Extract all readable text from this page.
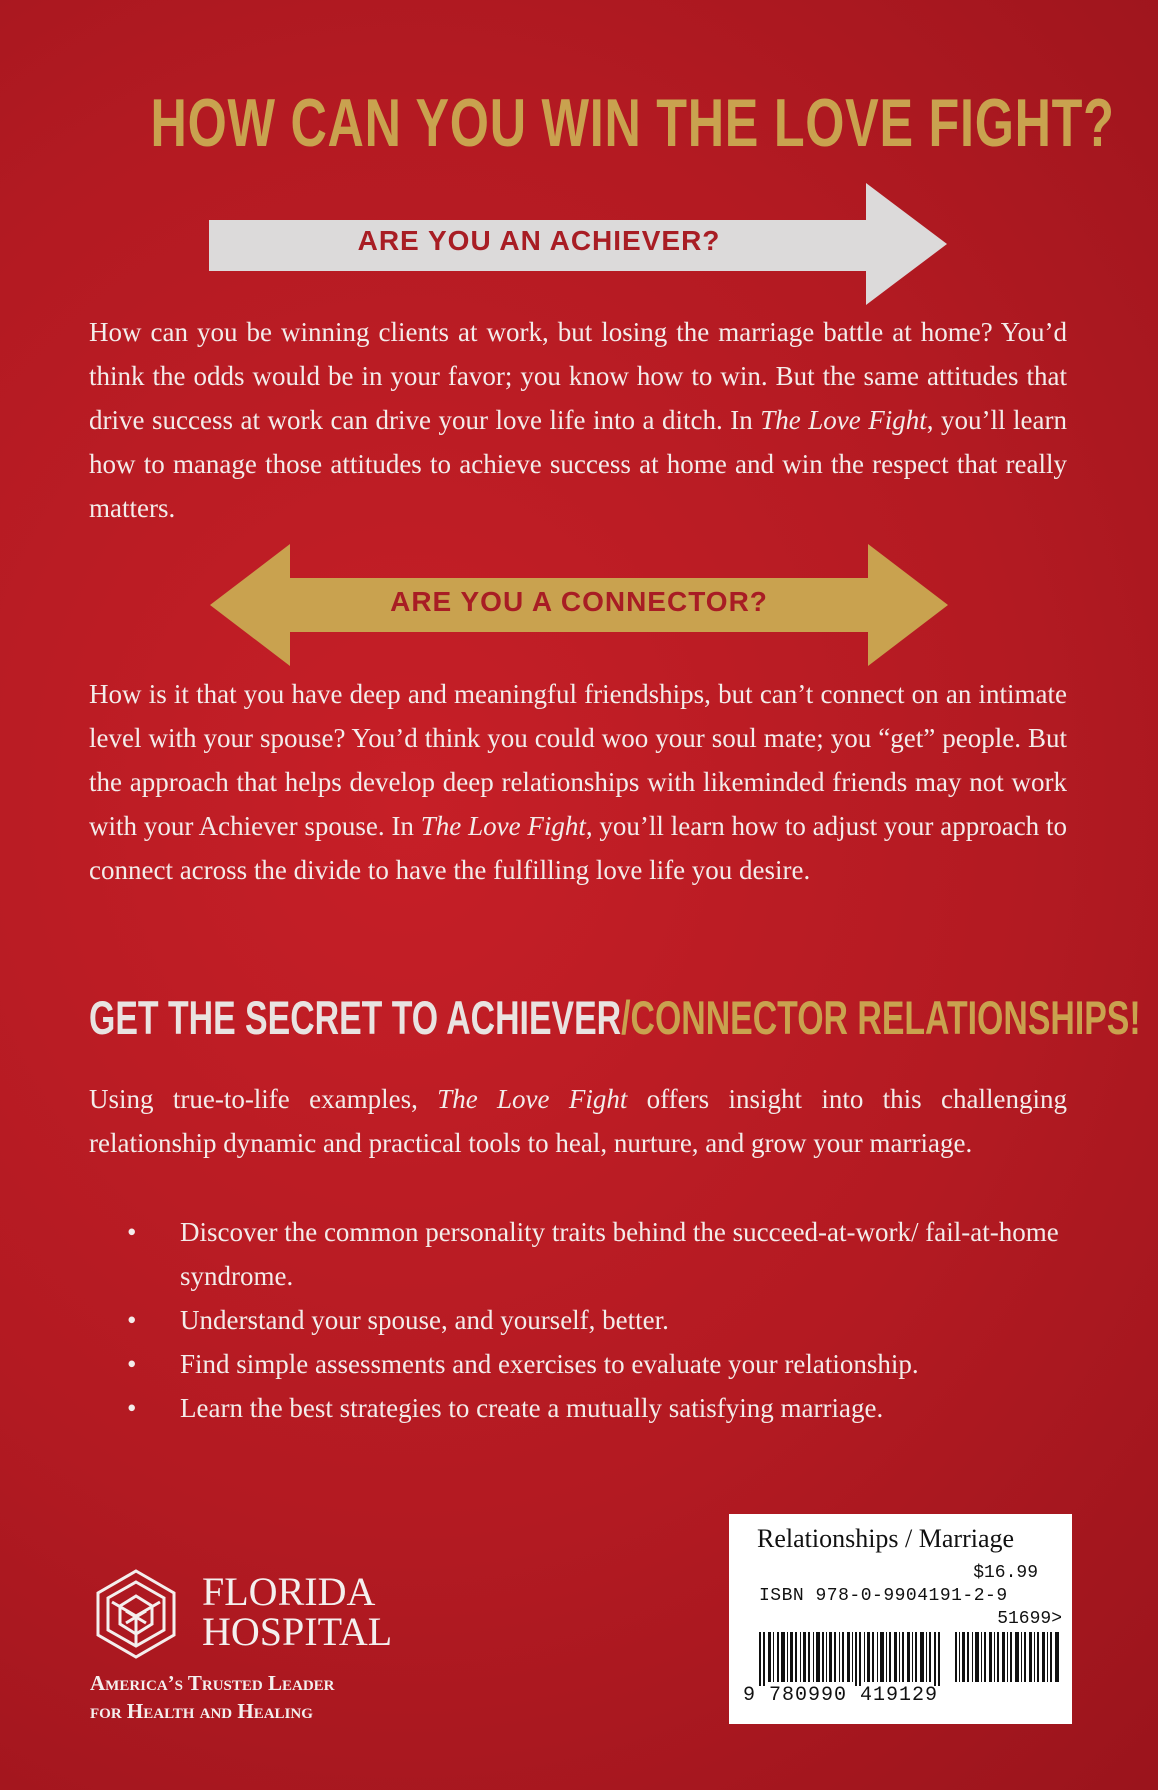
HOW CAN YOU WIN THE LOVE FIGHT?
ARE YOU AN ACHIEVER?

How can you be winning clients at work, but losing the marriage battle at home? You’d think the odds would be in your favor; you know how to win. But the same attitudes that drive success at work can drive your love life into a ditch. In The Love Fight, you’ll learn how to manage those attitudes to achieve success at home and win the respect that really matters.

ARE YOU A CONNECTOR?

How is it that you have deep and meaningful friendships, but can’t connect on an intimate level with your spouse? You’d think you could woo your soul mate; you “get” people. But the approach that helps develop deep relationships with likeminded friends may not work with your Achiever spouse. In The Love Fight, you’ll learn how to adjust your approach to connect across the divide to have the fulfilling love life you desire.

GET THE SECRET TO ACHIEVER/CONNECTOR RELATIONSHIPS!

Using true-to-life examples, The Love Fight offers insight into this challenging relationship dynamic and practical tools to heal, nurture, and grow your marriage.

• Discover the common personality traits behind the succeed-at-work/ fail-at-home syndrome.
• Understand your spouse, and yourself, better.
• Find simple assessments and exercises to evaluate your relationship.
• Learn the best strategies to create a mutually satisfying marriage.
FLORIDA
HOSPITAL
America’s Trusted Leader
for Health and Healing
Relationships / Marriage
$16.99
ISBN 978-0-9904191-2-9
51699>
9 780990 419129
